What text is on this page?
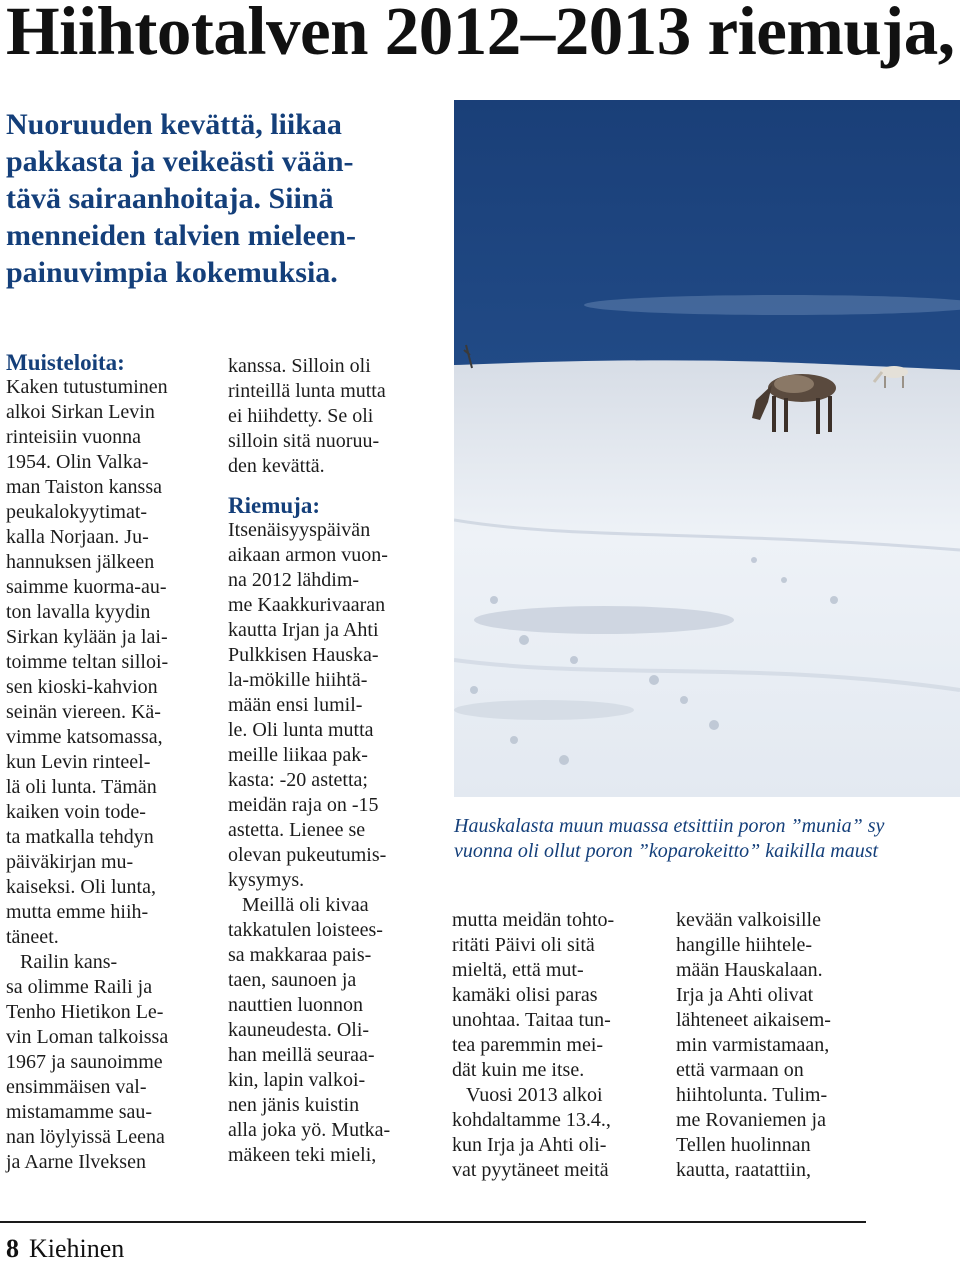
Hiihtotalven 2012–2013 riemuja,
Nuoruuden kevättä, liikaa
pakkasta ja veikeästi vään-
tävä sairaanhoitaja. Siinä
menneiden talvien mieleen-
painuvimpia kokemuksia.
Muisteloita:
Kaken tutustuminen
alkoi Sirkan Levin
rinteisiin vuonna
1954. Olin Valka-
man Taiston kanssa
peukalokyytimat-
kalla Norjaan. Ju-
hannuksen jälkeen
saimme kuorma-au-
ton lavalla kyydin
Sirkan kylään ja lai-
toimme teltan silloi-
sen kioski-kahvion
seinän viereen. Kä-
vimme katsomassa,
kun Levin rinteel-
lä oli lunta. Tämän
kaiken voin tode-
ta matkalla tehdyn
päiväkirjan mu-
kaiseksi. Oli lunta,
mutta emme hiih-
täneet.
Railin kans-
sa olimme Raili ja
Tenho Hietikon Le-
vin Loman talkoissa
1967 ja saunoimme
ensimmäisen val-
mistamamme sau-
nan löylyissä Leena
ja Aarne Ilveksen
kanssa. Silloin oli
rinteillä lunta mutta
ei hiihdetty. Se oli
silloin sitä nuoruu-
den kevättä.
Riemuja:
Itsenäisyyspäivän
aikaan armon vuon-
na 2012 lähdim-
me Kaakkurivaaran
kautta Irjan ja Ahti
Pulkkisen Hauska-
la-mökille hiihtä-
mään ensi lumil-
le. Oli lunta mutta
meille liikaa pak-
kasta: -20 astetta;
meidän raja on -15
astetta. Lienee se
olevan pukeutumis-
kysymys.
Meillä oli kivaa
takkatulen loistees-
sa makkaraa pais-
taen, saunoen ja
nauttien luonnon
kauneudesta. Oli-
han meillä seuraa-
kin, lapin valkoi-
nen jänis kuistin
alla joka yö. Mutka-
mäkeen teki mieli,
Hauskalasta muun muassa etsittiin poron ”munia” sy
vuonna oli ollut poron ”koparokeitto” kaikilla maust
mutta meidän tohto-
ritäti Päivi oli sitä
mieltä, että mut-
kamäki olisi paras
unohtaa. Taitaa tun-
tea paremmin mei-
dät kuin me itse.
Vuosi 2013 alkoi
kohdaltamme 13.4.,
kun Irja ja Ahti oli-
vat pyytäneet meitä
kevään valkoisille
hangille hiihtele-
mään Hauskalaan.
Irja ja Ahti olivat
lähteneet aikaisem-
min varmistamaan,
että varmaan on
hiihtolunta. Tulim-
me Rovaniemen ja
Tellen huolinnan
kautta, raatattiin,
8 Kiehinen
